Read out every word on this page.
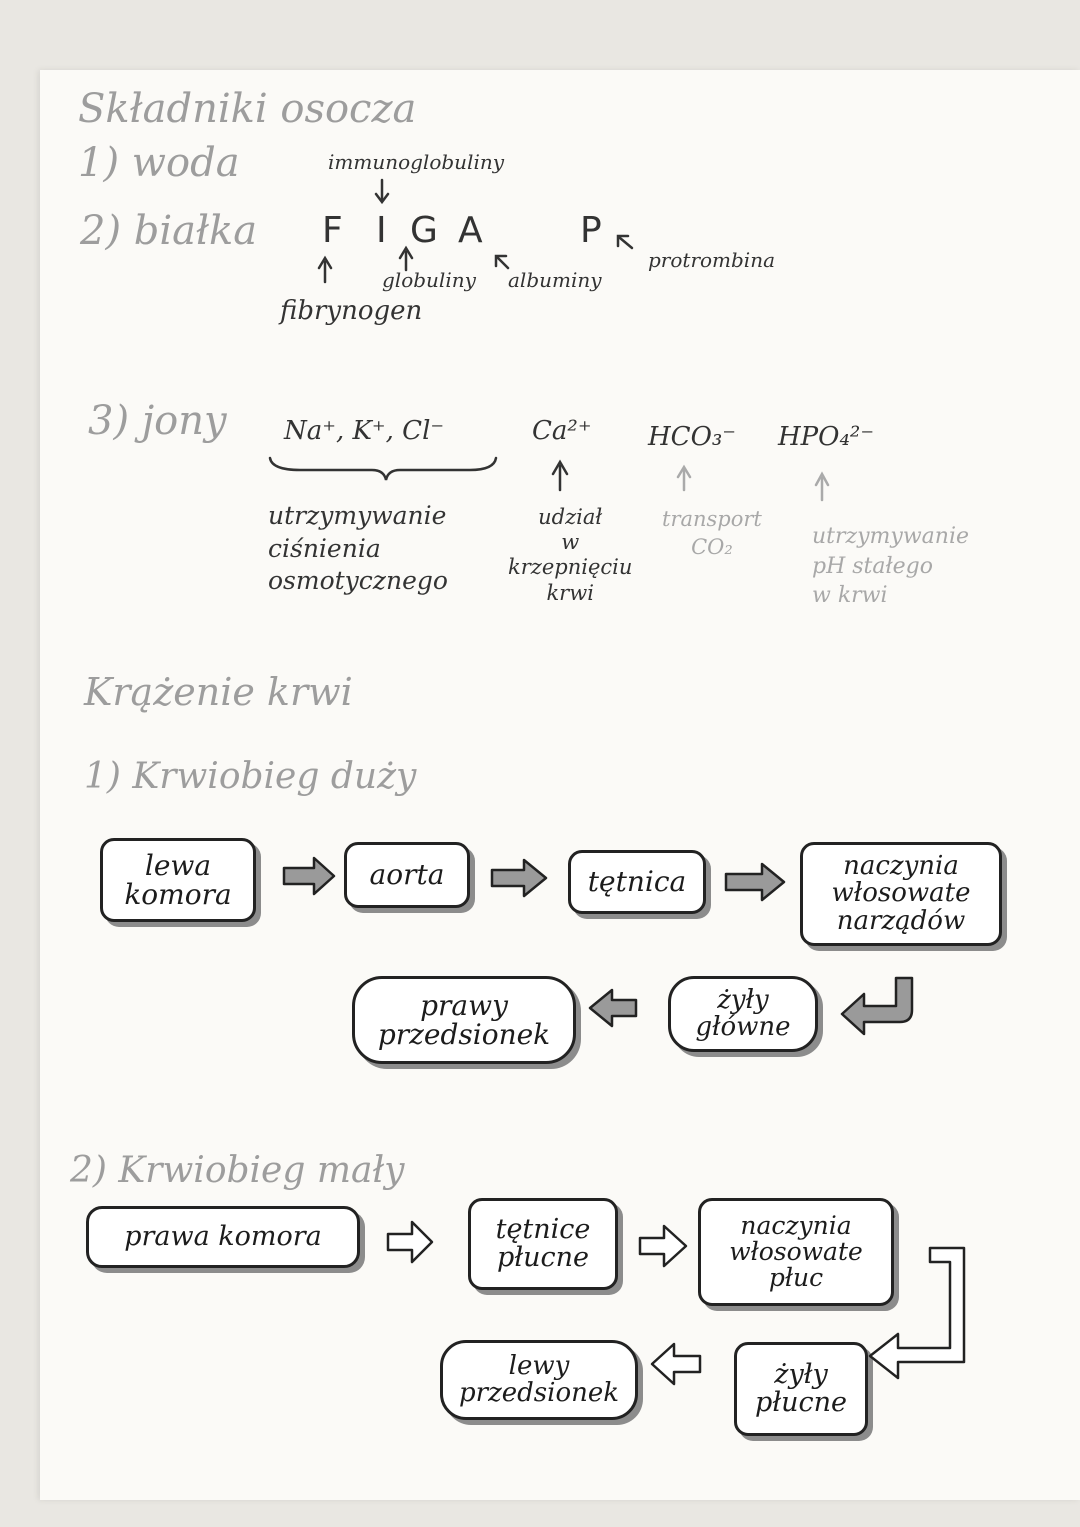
Składniki osocza
1) woda
2) białka
immunoglobuliny
F I G A P
globuliny albuminy
protrombina
fibrynogen
3) jony Na⁺, K⁺, Cl⁻	Ca²⁺ HCO₃⁻ HPO₄²⁻
utrzymywanie
ciśnienia
osmotycznego
udział
w
krzepnięciu
krwi
transport
CO₂	utrzymywanie
pH stałego
w krwi
Krążenie krwi
1) Krwiobieg duży
lewa
komora
aorta	tętnica	naczynia
włosowate
narządów
żyły
główne
prawy
przedsionek
2) Krwiobieg mały
prawa komora	tętnice
płucne
naczynia
włosowate
płuc
żyły
płucne
lewy
przedsionek
